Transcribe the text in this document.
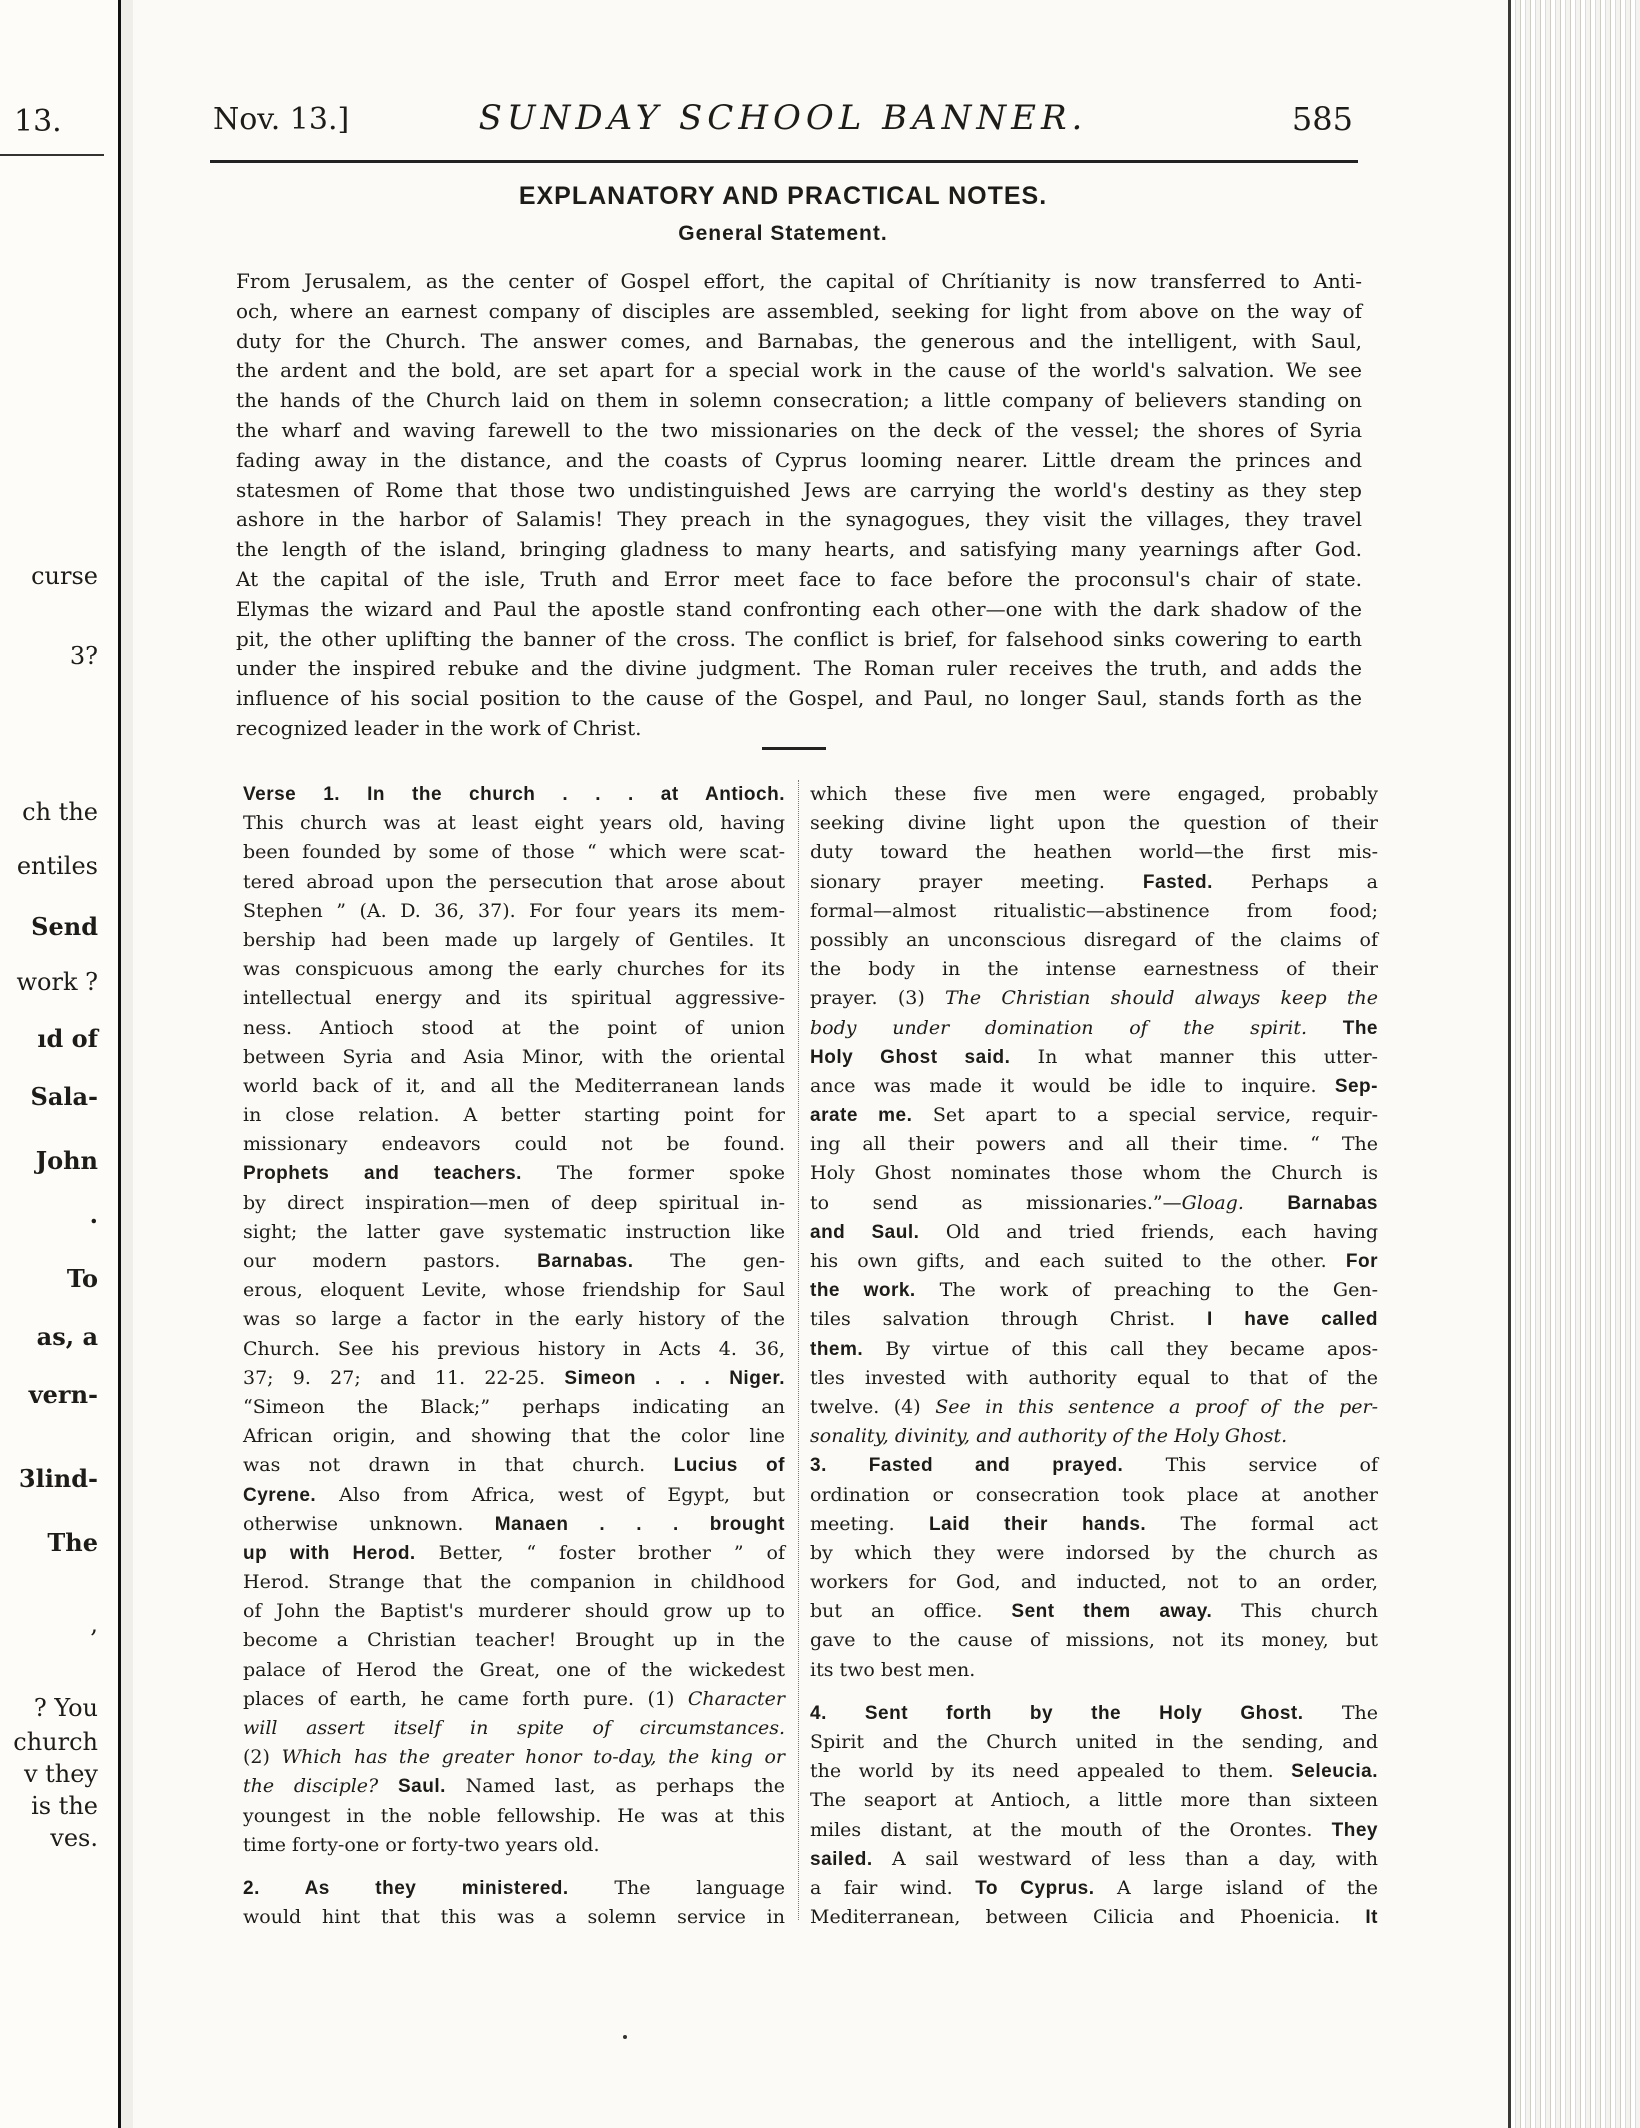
13.
curse
3?
ch the
entiles
Send
work ?
ıd of
Sala-
John
.
To
as, a
vern-
3lind-
The
,
? You
church
v they
is the
ves.
Nov. 13.]	SUNDAY SCHOOL BANNER.	585
EXPLANATORY AND PRACTICAL NOTES.
General Statement.
From Jerusalem, as the center of Gospel effort, the capital of Chrı́tianity is now transferred to Anti-
och, where an earnest company of disciples are assembled, seeking for light from above on the way of
duty for the Church. The answer comes, and Barnabas, the generous and the intelligent, with Saul,
the ardent and the bold, are set apart for a special work in the cause of the world's salvation. We see
the hands of the Church laid on them in solemn consecration; a little company of believers standing on
the wharf and waving farewell to the two missionaries on the deck of the vessel; the shores of Syria
fading away in the distance, and the coasts of Cyprus looming nearer. Little dream the princes and
statesmen of Rome that those two undistinguished Jews are carrying the world's destiny as they step
ashore in the harbor of Salamis! They preach in the synagogues, they visit the villages, they travel
the length of the island, bringing gladness to many hearts, and satisfying many yearnings after God.
At the capital of the isle, Truth and Error meet face to face before the proconsul's chair of state.
Elymas the wizard and Paul the apostle stand confronting each other—one with the dark shadow of the
pit, the other uplifting the banner of the cross. The conflict is brief, for falsehood sinks cowering to earth
under the inspired rebuke and the divine judgment. The Roman ruler receives the truth, and adds the
influence of his social position to the cause of the Gospel, and Paul, no longer Saul, stands forth as the
recognized leader in the work of Christ.
Verse 1. In the church . . . at Antioch.
This church was at least eight years old, having
been founded by some of those “ which were scat-
tered abroad upon the persecution that arose about
Stephen ” (A. D. 36, 37). For four years its mem-
bership had been made up largely of Gentiles. It
was conspicuous among the early churches for its
intellectual energy and its spiritual aggressive-
ness. Antioch stood at the point of union
between Syria and Asia Minor, with the oriental
world back of it, and all the Mediterranean lands
in close relation. A better starting point for
missionary endeavors could not be found.
Prophets and teachers. The former spoke
by direct inspiration—men of deep spiritual in-
sight; the latter gave systematic instruction like
our modern pastors. Barnabas. The gen-
erous, eloquent Levite, whose friendship for Saul
was so large a factor in the early history of the
Church. See his previous history in Acts 4. 36,
37; 9. 27; and 11. 22-25. Simeon . . . Niger.
“Simeon the Black;” perhaps indicating an
African origin, and showing that the color line
was not drawn in that church. Lucius of
Cyrene. Also from Africa, west of Egypt, but
otherwise unknown. Manaen . . . brought
up with Herod. Better, “ foster brother ” of
Herod. Strange that the companion in childhood
of John the Baptist's murderer should grow up to
become a Christian teacher! Brought up in the
palace of Herod the Great, one of the wickedest
places of earth, he came forth pure. (1) Character
will assert itself in spite of circumstances.
(2) Which has the greater honor to-day, the king or
the disciple? Saul. Named last, as perhaps the
youngest in the noble fellowship. He was at this
time forty-one or forty-two years old.
2. As they ministered. The language
would hint that this was a solemn service in
which these five men were engaged, probably
seeking divine light upon the question of their
duty toward the heathen world—the first mis-
sionary prayer meeting. Fasted. Perhaps a
formal—almost ritualistic—abstinence from food;
possibly an unconscious disregard of the claims of
the body in the intense earnestness of their
prayer. (3) The Christian should always keep the
body under domination of the spirit. The
Holy Ghost said. In what manner this utter-
ance was made it would be idle to inquire. Sep-
arate me. Set apart to a special service, requir-
ing all their powers and all their time. “ The
Holy Ghost nominates those whom the Church is
to send as missionaries.”—Gloag. Barnabas
and Saul. Old and tried friends, each having
his own gifts, and each suited to the other. For
the work. The work of preaching to the Gen-
tiles salvation through Christ. I have called
them. By virtue of this call they became apos-
tles invested with authority equal to that of the
twelve. (4) See in this sentence a proof of the per-
sonality, divinity, and authority of the Holy Ghost.
3. Fasted and prayed. This service of
ordination or consecration took place at another
meeting. Laid their hands. The formal act
by which they were indorsed by the church as
workers for God, and inducted, not to an order,
but an office. Sent them away. This church
gave to the cause of missions, not its money, but
its two best men.
4. Sent forth by the Holy Ghost. The
Spirit and the Church united in the sending, and
the world by its need appealed to them. Seleucia.
The seaport at Antioch, a little more than sixteen
miles distant, at the mouth of the Orontes. They
sailed. A sail westward of less than a day, with
a fair wind. To Cyprus. A large island of the
Mediterranean, between Cilicia and Phoenicia. It
